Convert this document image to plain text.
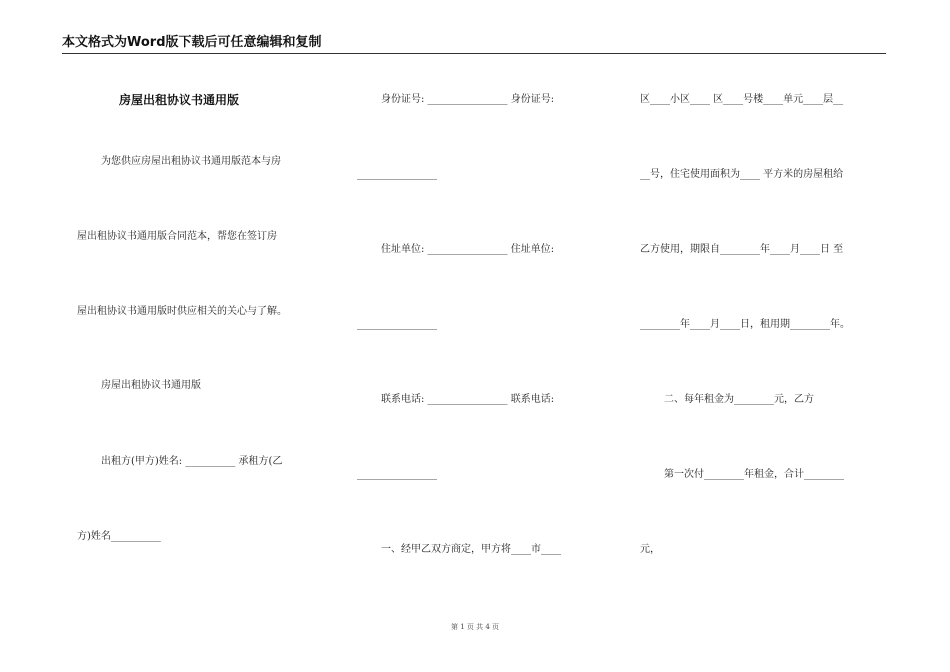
本文格式为Word版下载后可任意编辑和复制
房屋出租协议书通用版
为您供应房屋出租协议书通用版范本与房
屋出租协议书通用版合同范本，帮您在签订房
屋出租协议书通用版时供应相关的关心与了解。
房屋出租协议书通用版
出租方(甲方)姓名: __________ 承租方(乙
方)姓名__________
身份证号: ________________ 身份证号:
________________
住址单位: ________________ 住址单位:
________________
联系电话: ________________ 联系电话:
________________
一、经甲乙双方商定，甲方将____市____
区____小区____ 区____号楼____单元____层__
__号，住宅使用面积为____ 平方米的房屋租给
乙方使用，期限自________年____月____日 至
________年____月____日，租用期________年。
二、每年租金为________元，乙方
第一次付________年租金，合计________
元，
第 1 页 共 4 页
